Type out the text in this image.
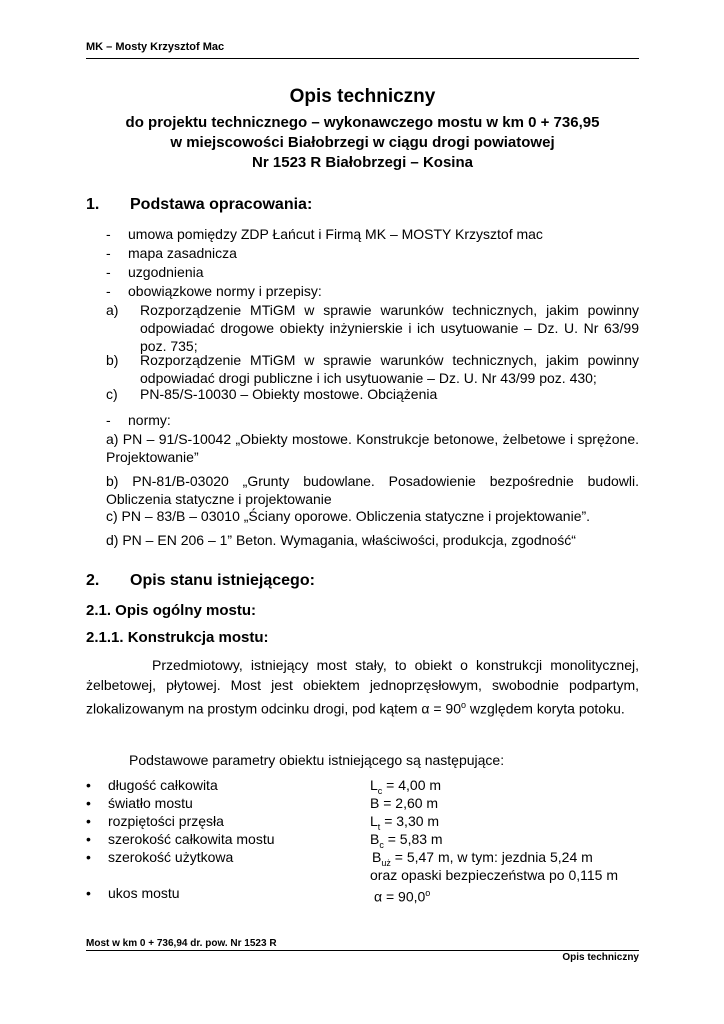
MK – Mosty Krzysztof Mac
Opis techniczny
do projektu technicznego – wykonawczego mostu w km 0 + 736,95
w miejscowości Białobrzegi w ciągu drogi powiatowej
Nr 1523 R Białobrzegi – Kosina
1. Podstawa opracowania:
-	umowa pomiędzy ZDP Łańcut i Firmą MK – MOSTY Krzysztof mac
-	mapa zasadnicza
-	uzgodnienia
-	obowiązkowe normy i przepisy:
a)	Rozporządzenie MTiGM w sprawie warunków technicznych, jakim powinny odpowiadać drogowe obiekty inżynierskie i ich usytuowanie – Dz. U. Nr 63/99 poz. 735;
b)	Rozporządzenie MTiGM w sprawie warunków technicznych, jakim powinny odpowiadać drogi publiczne i ich usytuowanie – Dz. U. Nr 43/99 poz. 430;
c)	PN-85/S-10030 – Obiekty mostowe. Obciążenia
-	normy:
a) PN – 91/S-10042 „Obiekty mostowe. Konstrukcje betonowe, żelbetowe i sprężone. Projektowanie”
b) PN-81/B-03020 „Grunty budowlane. Posadowienie bezpośrednie budowli. Obliczenia statyczne i projektowanie
c) PN – 83/B – 03010 „Ściany oporowe. Obliczenia statyczne i projektowanie”.
d) PN – EN 206 – 1” Beton. Wymagania, właściwości, produkcja, zgodność“
2. Opis stanu istniejącego:
2.1. Opis ogólny mostu:
2.1.1. Konstrukcja mostu:
Przedmiotowy, istniejący most stały, to obiekt o konstrukcji monolitycznej, żelbetowej, płytowej. Most jest obiektem jednoprzęsłowym, swobodnie podpartym, zlokalizowanym na prostym odcinku drogi, pod kątem $\alpha = 90^o$ względem koryta potoku.
Podstawowe parametry obiektu istniejącego są następujące:
• długość całkowita	$L_c = 4,00$ m
• światło mostu	B = 2,60 m
• rozpiętości przęsła	$L_t = 3,30$ m
• szerokość całkowita mostu	$B_c = 5,83$ m
• szerokość użytkowa	$B_{uż} = 5,47$ m, w tym: jezdnia 5,24 m
oraz opaski bezpieczeństwa po 0,115 m
• ukos mostu	$\alpha = 90,0^o$
Most w km 0 + 736,94 dr. pow. Nr 1523 R
Opis techniczny
